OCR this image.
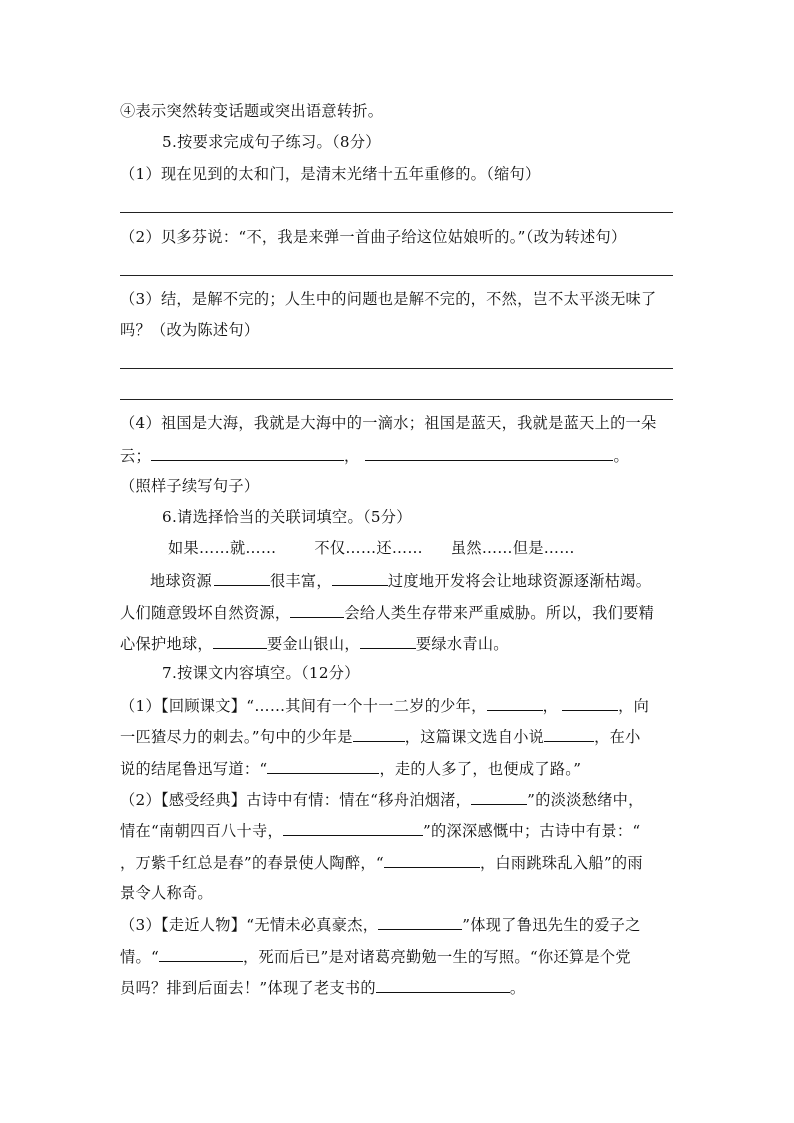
④表示突然转变话题或突出语意转折。
5.按要求完成句子练习。（8分）
（1）现在见到的太和门，是清末光绪十五年重修的。（缩句）
（2）贝多芬说：“不，我是来弹一首曲子给这位姑娘听的。”（改为转述句）
（3）结，是解不完的；人生中的问题也是解不完的，不然，岂不太平淡无味了
吗？（改为陈述句）
（4）祖国是大海，我就是大海中的一滴水；祖国是蓝天，我就是蓝天上的一朵
云；	，	。
（照样子续写句子）
6.请选择恰当的关联词填空。（5分）
如果……就……	不仅……还…… 虽然……但是……
地球资源	很丰富，	过度地开发将会让地球资源逐渐枯竭。
人们随意毁坏自然资源，	会给人类生存带来严重威胁。所以，我们要精
心保护地球，	要金山银山，	要绿水青山。
7.按课文内容填空。（12分）
（1）【回顾课文】“……其间有一个十一二岁的少年，	，	，向
一匹猹尽力的刺去。”句中的少年是	，这篇课文选自小说	，在小
说的结尾鲁迅写道：“	，走的人多了，也便成了路。”
（2）【感受经典】古诗中有情：情在“移舟泊烟渚，	”的淡淡愁绪中，
情在“南朝四百八十寺，	”的深深感慨中；古诗中有景：“
，万紫千红总是春”的春景使人陶醉，“	，白雨跳珠乱入船”的雨
景令人称奇。
（3）【走近人物】“无情未必真豪杰，	”体现了鲁迅先生的爱子之
情。“	，死而后已”是对诸葛亮勤勉一生的写照。“你还算是个党
员吗？排到后面去！”体现了老支书的	。
